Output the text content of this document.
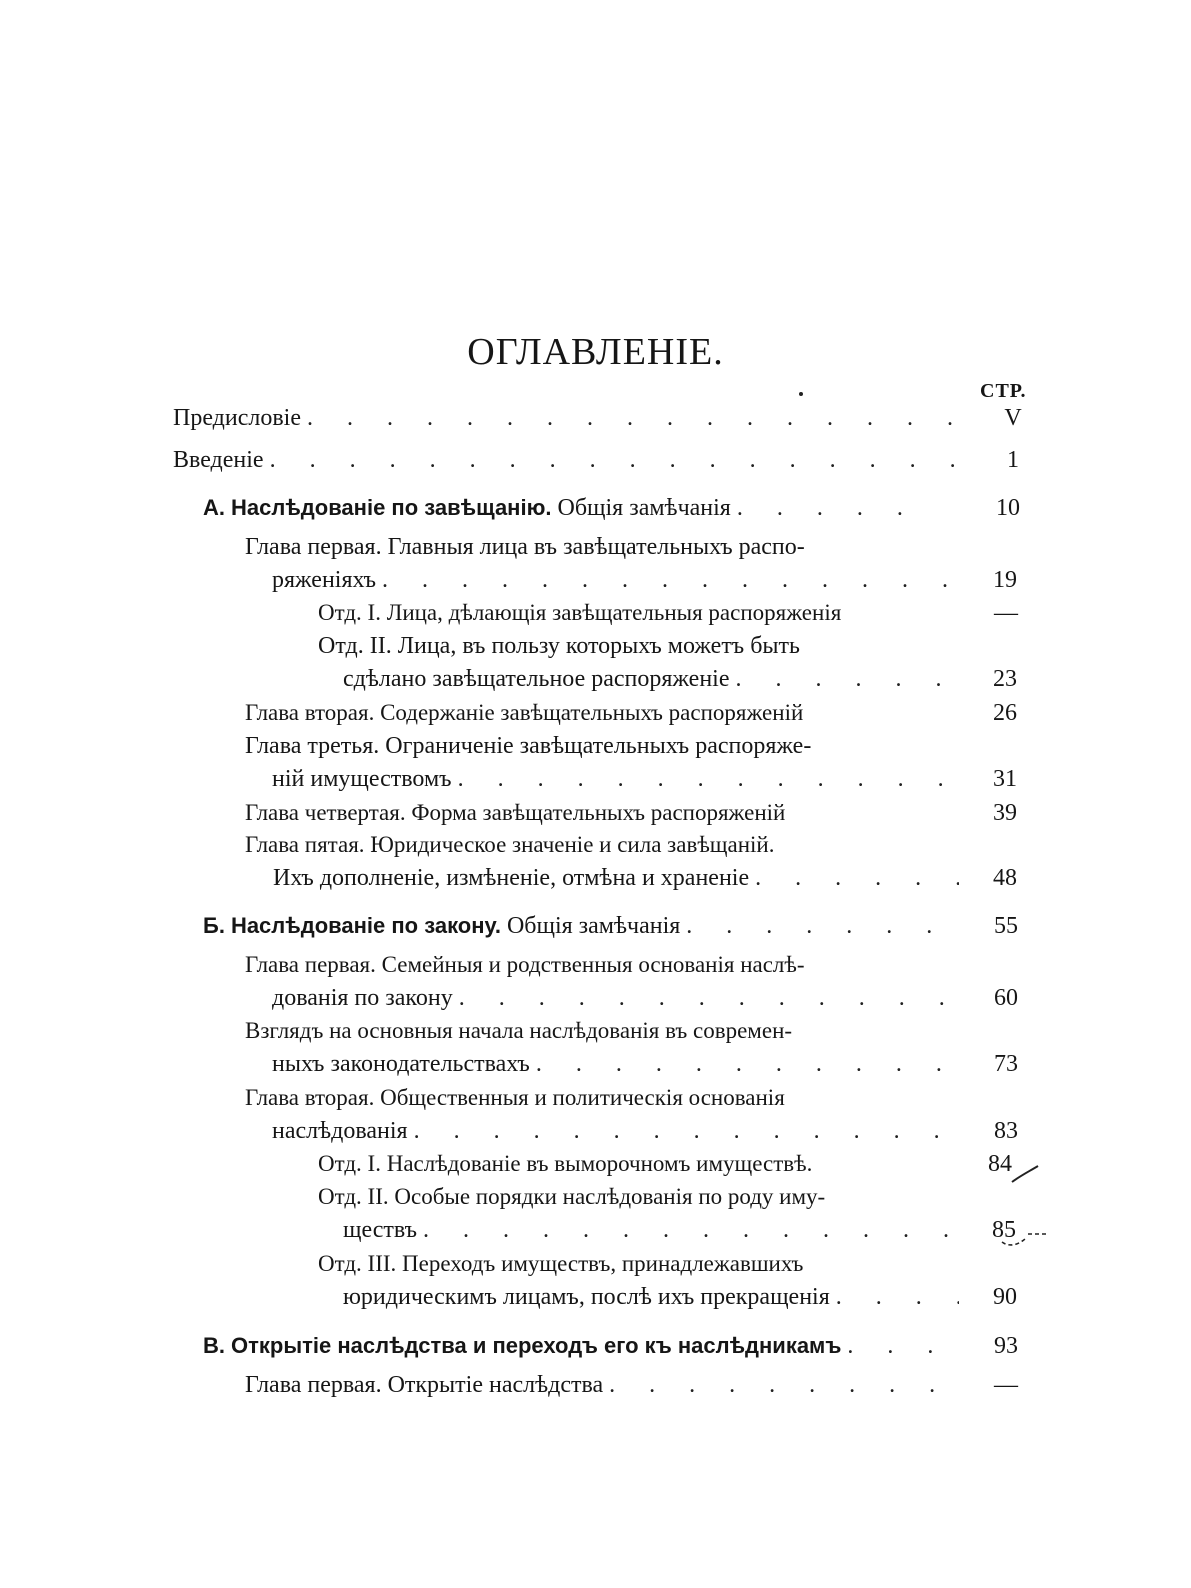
ОГЛАВЛЕНIЕ.
СТР.
Предисловie . . .	V
Введенie . . .	1
А. Наслѣдованie по завѣщанiю. Общiя замѣчанiя . . .	10
Глава первая. Главныя лица въ завѣщательныхъ распо-
ряженiяхъ . . .	19
Отд. I. Лица, дѣлающiя завѣщательныя распоряженiя	—
Отд. II. Лица, въ пользу которыхъ можетъ быть
сдѣлано завѣщательное распоряженiе . . .	23
Глава вторая. Содержанiе завѣщательныхъ распоряженiй	26
Глава третья. Ограниченiе завѣщательныхъ распоряже-
нiй имуществомъ . . .	31
Глава четвертая. Форма завѣщательныхъ распоряженiй	39
Глава пятая. Юридическое значенiе и сила завѣщанiй.
Ихъ дополненiе, измѣненiе, отмѣна и храненiе . . .	48
Б. Наслѣдованie по закону. Общiя замѣчанiя . . .	55
Глава первая. Семейныя и родственныя основанiя наслѣ-
дованiя по закону . . .	60
Взглядъ на основныя начала наслѣдованiя въ современ-
ныхъ законодательствахъ . . .	73
Глава вторая. Общественныя и политическiя основанiя
наслѣдованiя . . .	83
Отд. I. Наслѣдованie въ выморочномъ имуществѣ.	84
Отд. II. Особые порядки наслѣдованiя по роду иму-
ществъ . . .	85
Отд. III. Переходъ имуществъ, принадлежавшихъ
юридическимъ лицамъ, послѣ ихъ прекращенiя . . .	90
В. Открытiе наслѣдства и переходъ его къ наслѣдникамъ . . .	93
Глава первая. Открытiе наслѣдства . . .	—
